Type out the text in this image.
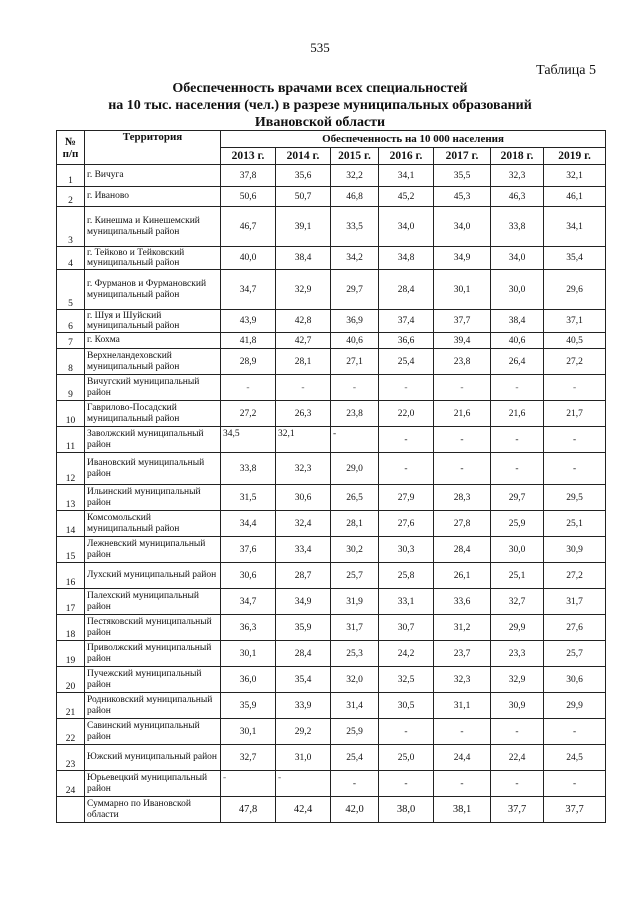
535
Таблица 5
Обеспеченность врачами всех специальностей
на 10 тыс. населения (чел.) в разрезе муниципальных образований
Ивановской области
№
п/п	Территория	Обеспеченность на 10 000 населения						
		2013 г.	2014 г.	2015 г.	2016 г.	2017 г.	2018 г.	2019 г.
1	г. Вичуга	37,8	35,6	32,2	34,1	35,5	32,3	32,1
2	г. Иваново	50,6	50,7	46,8	45,2	45,3	46,3	46,1
3	г. Кинешма и Кинешемский муниципальный район	46,7	39,1	33,5	34,0	34,0	33,8	34,1
4	г. Тейково и Тейковский муниципальный район	40,0	38,4	34,2	34,8	34,9	34,0	35,4
5	г. Фурманов и Фурмановский муниципальный район	34,7	32,9	29,7	28,4	30,1	30,0	29,6
6	г. Шуя и Шуйский муниципальный район	43,9	42,8	36,9	37,4	37,7	38,4	37,1
7	г. Кохма	41,8	42,7	40,6	36,6	39,4	40,6	40,5
8	Верхнеландеховский муниципальный район	28,9	28,1	27,1	25,4	23,8	26,4	27,2
9	Вичугский муниципальный район	-	-	-	-	-	-	-
10	Гаврилово-Посадский муниципальный район	27,2	26,3	23,8	22,0	21,6	21,6	21,7
11	Заволжский муниципальный район	34,5	32,1	-	-	-	-	-
12	Ивановский муниципальный район	33,8	32,3	29,0	-	-	-	-
13	Ильинский муниципальный район	31,5	30,6	26,5	27,9	28,3	29,7	29,5
14	Комсомольский муниципальный район	34,4	32,4	28,1	27,6	27,8	25,9	25,1
15	Лежневский муниципальный район	37,6	33,4	30,2	30,3	28,4	30,0	30,9
16	Лухский муниципальный район	30,6	28,7	25,7	25,8	26,1	25,1	27,2
17	Палехский муниципальный район	34,7	34,9	31,9	33,1	33,6	32,7	31,7
18	Пестяковский муниципальный район	36,3	35,9	31,7	30,7	31,2	29,9	27,6
19	Приволжский муниципальный район	30,1	28,4	25,3	24,2	23,7	23,3	25,7
20	Пучежский муниципальный район	36,0	35,4	32,0	32,5	32,3	32,9	30,6
21	Родниковский муниципальный район	35,9	33,9	31,4	30,5	31,1	30,9	29,9
22	Савинский муниципальный район	30,1	29,2	25,9	-	-	-	-
23	Южский муниципальный район	32,7	31,0	25,4	25,0	24,4	22,4	24,5
24	Юрьевецкий муниципальный район	-	-	-	-	-	-	-
	Суммарно по Ивановской области	47,8	42,4	42,0	38,0	38,1	37,7	37,7
